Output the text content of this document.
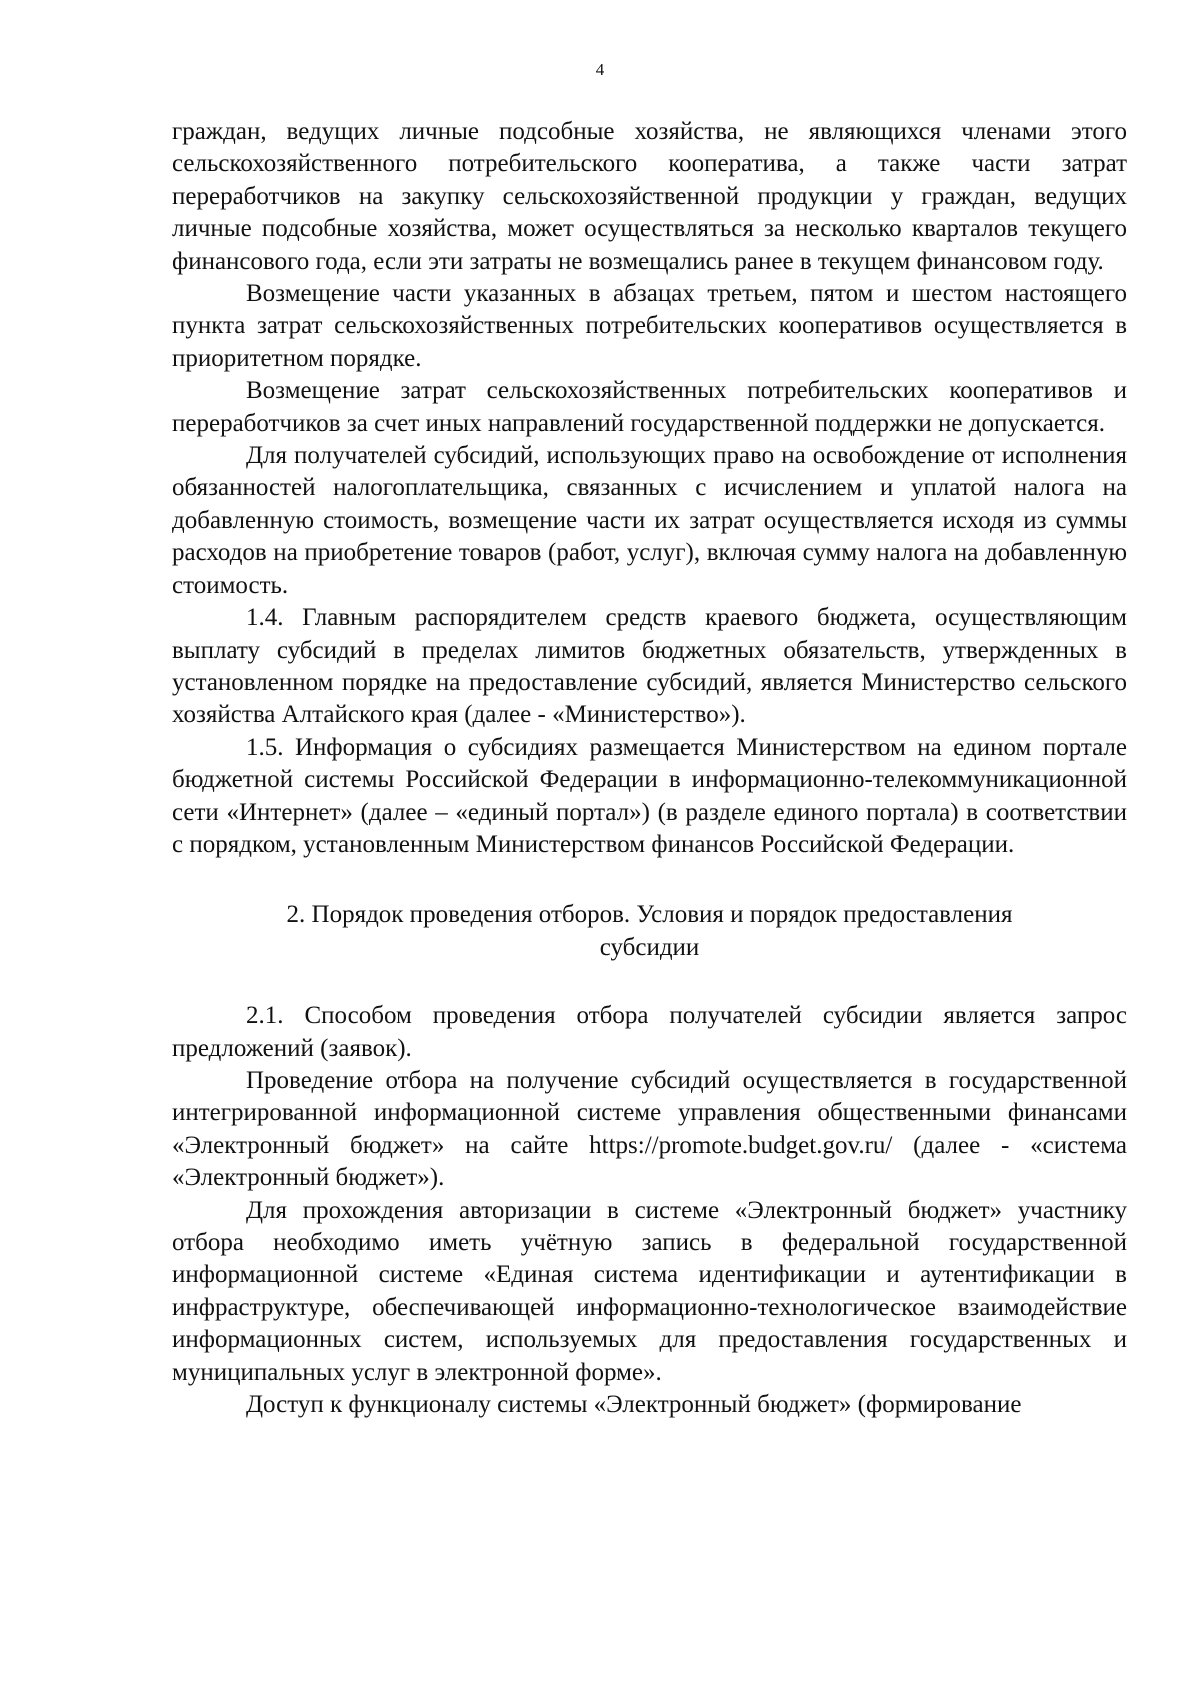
4

граждан, ведущих личные подсобные хозяйства, не являющихся членами этого сельскохозяйственного потребительского кооператива, а также части затрат переработчиков на закупку сельскохозяйственной продукции у граждан, ведущих личные подсобные хозяйства, может осуществляться за несколько кварталов текущего финансового года, если эти затраты не возмещались ранее в текущем финансовом году.

Возмещение части указанных в абзацах третьем, пятом и шестом настоящего пункта затрат сельскохозяйственных потребительских кооперативов осуществляется в приоритетном порядке.

Возмещение затрат сельскохозяйственных потребительских кооперативов и переработчиков за счет иных направлений государственной поддержки не допускается.

Для получателей субсидий, использующих право на освобождение от исполнения обязанностей налогоплательщика, связанных с исчислением и уплатой налога на добавленную стоимость, возмещение части их затрат осуществляется исходя из суммы расходов на приобретение товаров (работ, услуг), включая сумму налога на добавленную стоимость.

1.4. Главным распорядителем средств краевого бюджета, осуществляющим выплату субсидий в пределах лимитов бюджетных обязательств, утвержденных в установленном порядке на предоставление субсидий, является Министерство сельского хозяйства Алтайского края (далее - «Министерство»).

1.5. Информация о субсидиях размещается Министерством на едином портале бюджетной системы Российской Федерации в информационно-телекоммуникационной сети «Интернет» (далее – «единый портал») (в разделе единого портала) в соответствии с порядком, установленным Министерством финансов Российской Федерации.

2. Порядок проведения отборов. Условия и порядок предоставления
субсидии

2.1. Способом проведения отбора получателей субсидии является запрос предложений (заявок).

Проведение отбора на получение субсидий осуществляется в государственной интегрированной информационной системе управления общественными финансами «Электронный бюджет» на сайте https://promote.budget.gov.ru/ (далее - «система «Электронный бюджет»).

Для прохождения авторизации в системе «Электронный бюджет» участнику отбора необходимо иметь учётную запись в федеральной государственной информационной системе «Единая система идентификации и аутентификации в инфраструктуре, обеспечивающей информационно-технологическое взаимодействие информационных систем, используемых для предоставления государственных и муниципальных услуг в электронной форме».

Доступ к функционалу системы «Электронный бюджет» (формирование
